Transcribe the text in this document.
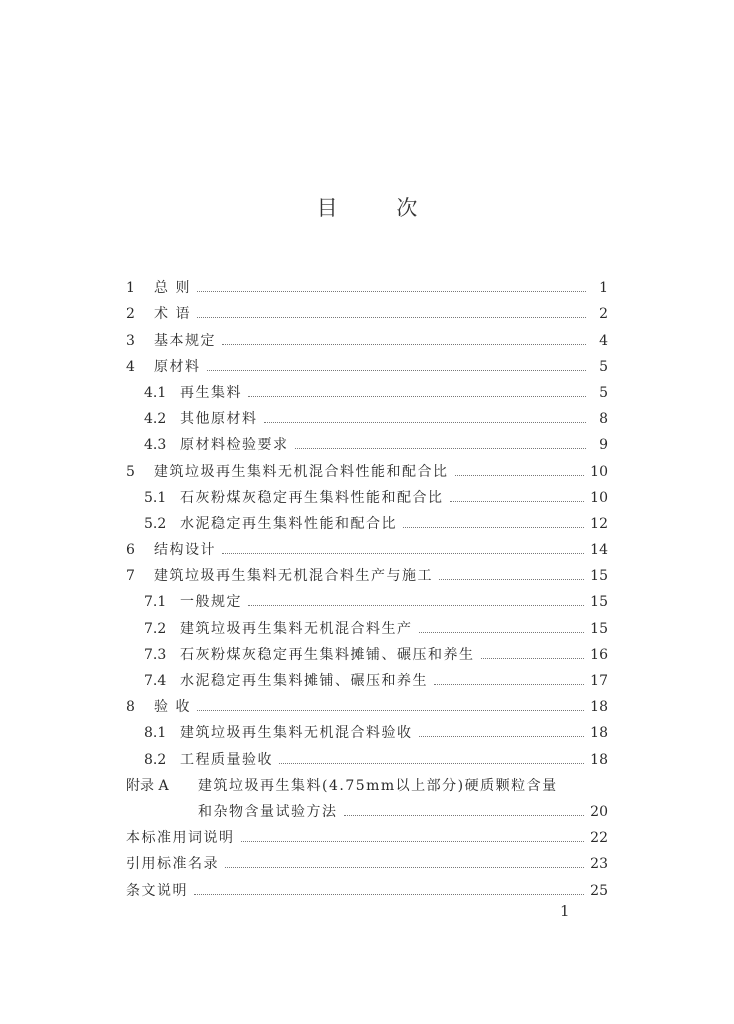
目 次
1	总 则	1
2	术 语	2
3	基本规定	4
4	原材料	5
4.1 再生集料	5
4.2 其他原材料	8
4.3 原材料检验要求	9
5	建筑垃圾再生集料无机混合料性能和配合比	10
5.1 石灰粉煤灰稳定再生集料性能和配合比	10
5.2 水泥稳定再生集料性能和配合比	12
6	结构设计	14
7	建筑垃圾再生集料无机混合料生产与施工	15
7.1 一般规定	15
7.2 建筑垃圾再生集料无机混合料生产	15
7.3 石灰粉煤灰稳定再生集料摊铺、碾压和养生	16
7.4 水泥稳定再生集料摊铺、碾压和养生	17
8	验 收	18
8.1 建筑垃圾再生集料无机混合料验收	18
8.2 工程质量验收	18
附录 A	建筑垃圾再生集料(4.75mm以上部分)硬质颗粒含量
和杂物含量试验方法	20
本标准用词说明	22
引用标准名录	23
条文说明	25
1
